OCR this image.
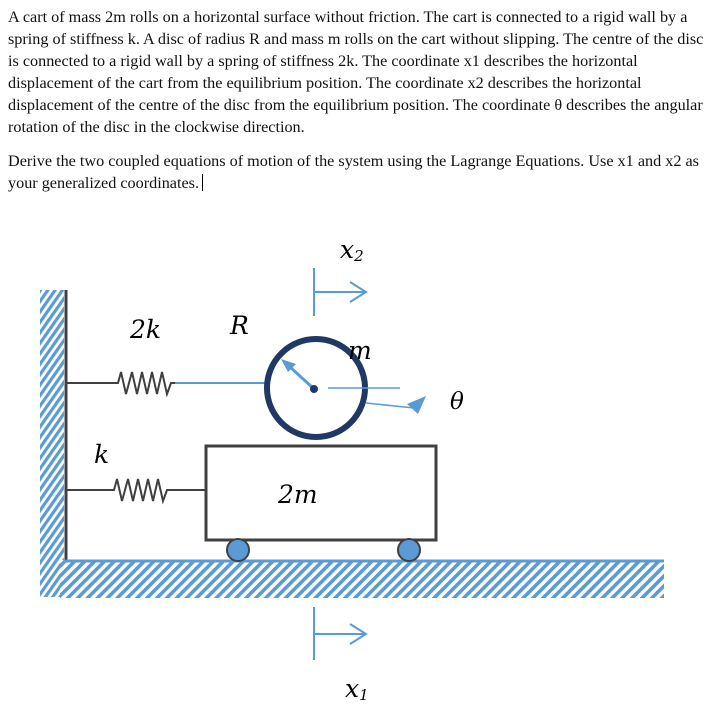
A cart of mass 2m rolls on a horizontal surface without friction. The cart is connected to a rigid wall by a spring of stiffness k. A disc of radius R and mass m rolls on the cart without slipping. The centre of the disc is connected to a rigid wall by a spring of stiffness 2k. The coordinate x1 describes the horizontal displacement of the cart from the equilibrium position. The coordinate x2 describes the horizontal displacement of the centre of the disc from the equilibrium position. The coordinate θ describes the angular rotation of the disc in the clockwise direction.

Derive the two coupled equations of motion of the system using the Lagrange Equations. Use x1 and x2 as your generalized coordinates.

x2
2k	R
m
θ
k
2m
x1
